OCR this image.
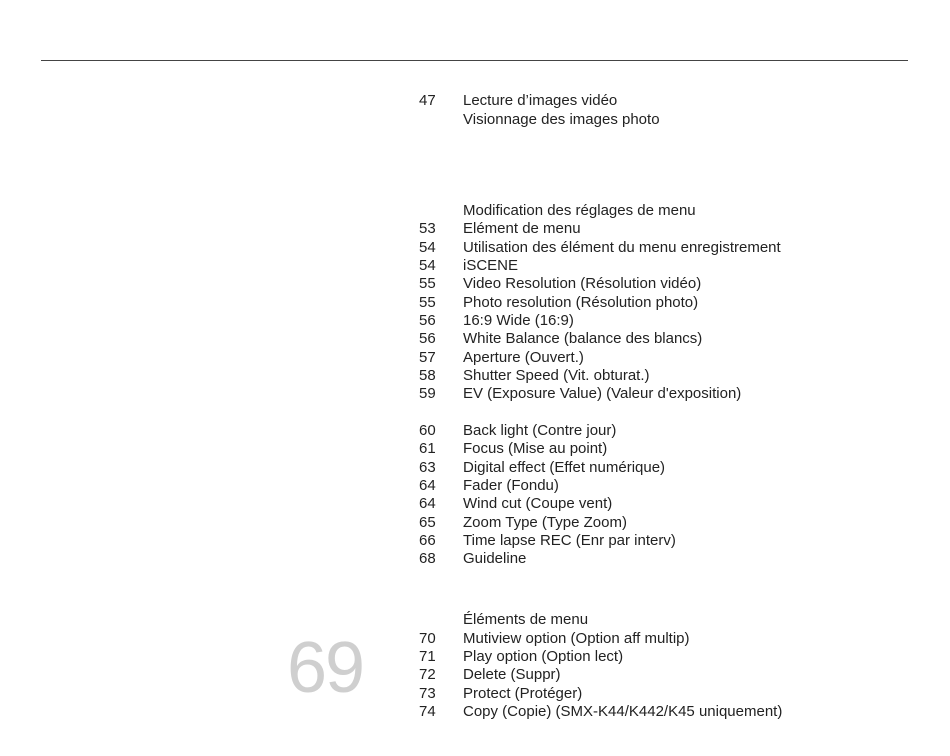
69
47	Lecture d’images vidéo
Visionnage des images photo
Modification des réglages de menu
53	Elément de menu
54	Utilisation des élément du menu enregistrement
54	iSCENE
55	Video Resolution (Résolution vidéo)
55	Photo resolution (Résolution photo)
56	16:9 Wide (16:9)
56	White Balance (balance des blancs)
57	Aperture (Ouvert.)
58	Shutter Speed (Vit. obturat.)
59	EV (Exposure Value) (Valeur d'exposition)
60	Back light (Contre jour)
61	Focus (Mise au point)
63	Digital effect (Effet numérique)
64	Fader (Fondu)
64	Wind cut (Coupe vent)
65	Zoom Type (Type Zoom)
66	Time lapse REC (Enr par interv)
68	Guideline
Éléments de menu
70	Mutiview option (Option aff multip)
71	Play option (Option lect)
72	Delete (Suppr)
73	Protect (Protéger)
74	Copy (Copie) (SMX-K44/K442/K45 uniquement)
